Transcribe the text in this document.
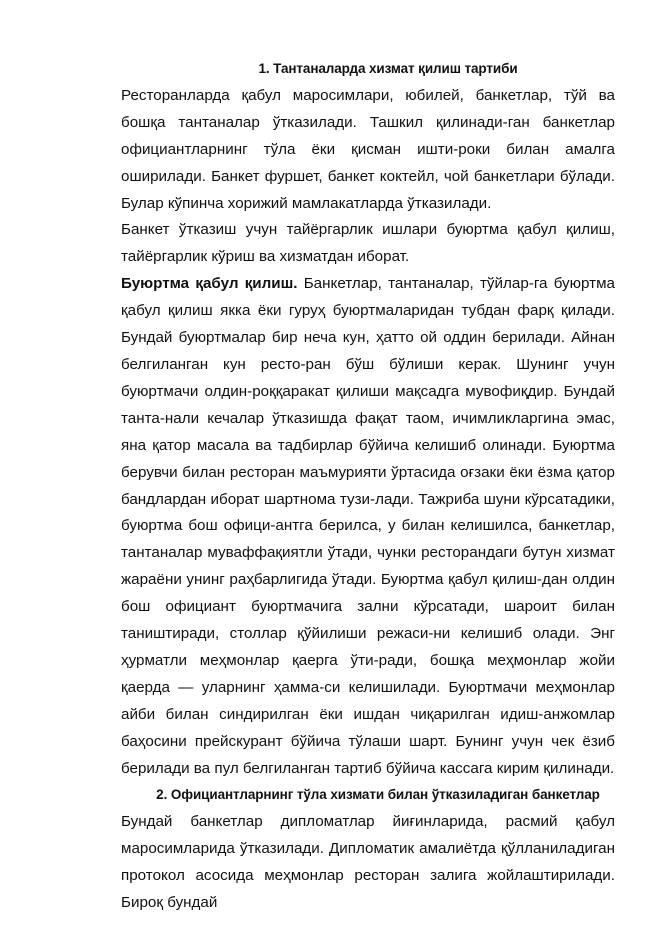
1. Тантаналарда хизмат қилиш тартиби

Ресторанларда қабул маросимлари, юбилей, банкетлар, тўй ва бошқа тантаналар ўтказилади. Ташкил қилинади-ган банкетлар официантларнинг тўла ёки қисман ишти-роки билан амалга оширилади. Банкет фуршет, банкет коктейл, чой банкетлари бўлади. Булар кўпинча хорижий мамлакатларда ўтказилади.

Банкет ўтказиш учун тайёргарлик ишлари буюртма қабул қилиш, тайёргарлик кўриш ва хизматдан иборат.

Буюртма қабул қилиш. Банкетлар, тантаналар, тўйлар-га буюртма қабул қилиш якка ёки гуруҳ буюртмаларидан тубдан фарқ қилади. Бундай буюртмалар бир неча кун, ҳатто ой оддин берилади. Айнан белгиланган кун ресто-ран бўш бўлиши керак. Шунинг учун буюртмачи олдин-роққаракат қилиши мақсадга мувофиқдир. Бундай танта-нали кечалар ўтказишда фақат таом, ичимликларгина эмас, яна қатор масала ва тадбирлар бўйича келишиб олинади. Буюртма берувчи билан ресторан маъмурияти ўртасида оғзаки ёки ёзма қатор бандлардан иборат шартнома тузи-лади. Тажриба шуни кўрсатадики, буюртма бош офици-антга берилса, у билан келишилса, банкетлар, тантаналар муваффақиятли ўтади, чунки ресторандаги бутун хизмат жараёни унинг раҳбарлигида ўтади. Буюртма қабул қилиш-дан олдин бош официант буюртмачига зални кўрсатади, шароит билан таништиради, столлар қўйилиши режаси-ни келишиб олади. Энг ҳурматли меҳмонлар қаерга ўти-ради, бошқа меҳмонлар жойи қаерда — уларнинг ҳамма-си келишилади. Буюртмачи меҳмонлар айби билан синдирилган ёки ишдан чиқарилган идиш-анжомлар баҳосини прейскурант бўйича тўлаши шарт. Бунинг учун чек ёзиб берилади ва пул белгиланган тартиб бўйича кассага кирим қилинади.

2. Официантларнинг тўла хизмати билан ўтказиладиган банкетлар

Бундай банкетлар дипломатлар йиғинларида, расмий қабул маросимларида ўтказилади. Дипломатик амалиётда қўлланиладиган протокол асосида меҳмонлар ресторан залига жойлаштирилади. Бироқ бундай
